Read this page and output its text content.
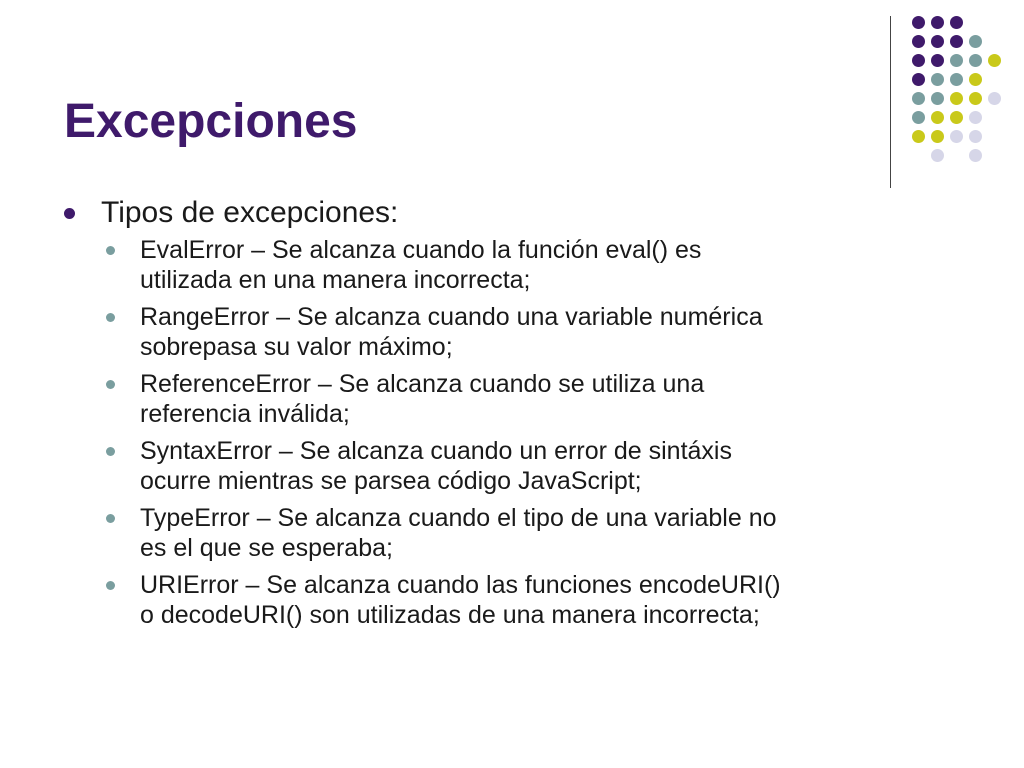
Excepciones
Tipos de excepciones:
EvalError – Se alcanza cuando la función eval() es
utilizada en una manera incorrecta;
RangeError – Se alcanza cuando una variable numérica
sobrepasa su valor máximo;
ReferenceError – Se alcanza cuando se utiliza una
referencia inválida;
SyntaxError – Se alcanza cuando un error de sintáxis
ocurre mientras se parsea código JavaScript;
TypeError – Se alcanza cuando el tipo de una variable no
es el que se esperaba;
URIError – Se alcanza cuando las funciones encodeURI()
o decodeURI() son utilizadas de una manera incorrecta;
